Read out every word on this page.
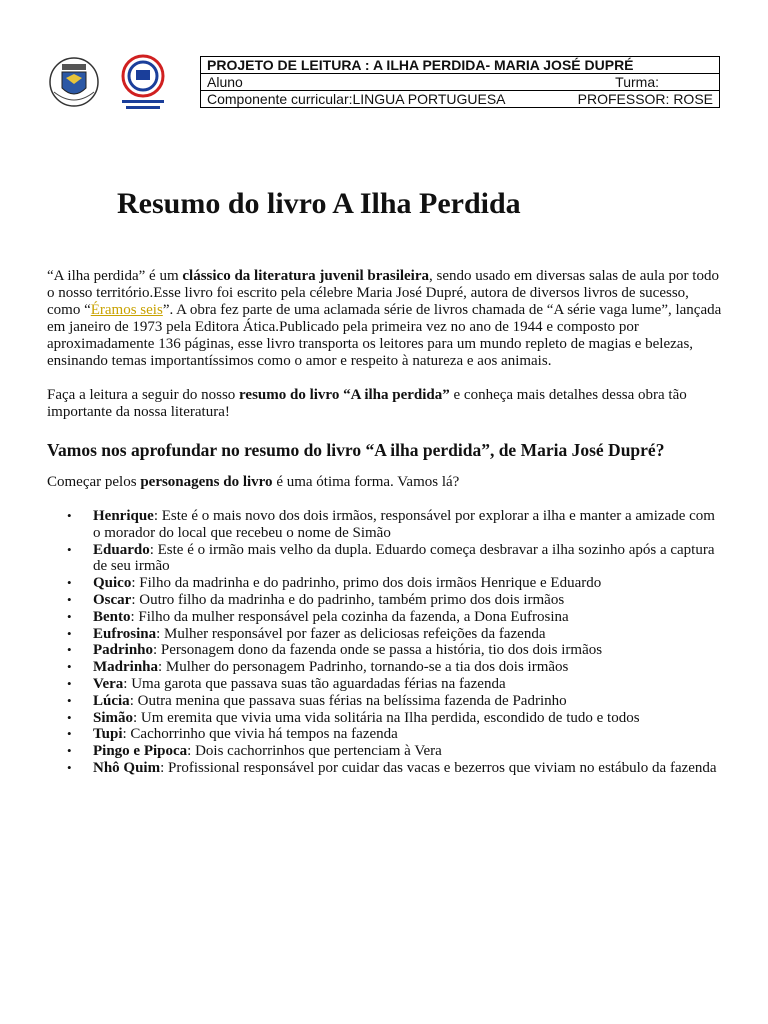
PROJETO DE LEITURA : A ILHA PERDIDA- MARIA JOSÉ DUPRÉ

Aluno	Turma:

Componente curricular:LINGUA PORTUGUESA	PROFESSOR: ROSE
Resumo do livro A Ilha Perdida

“A ilha perdida” é um clássico da literatura juvenil brasileira, sendo usado em diversas salas de aula por todo o nosso território.Esse livro foi escrito pela célebre Maria José Dupré, autora de diversos livros de sucesso, como “Éramos seis”. A obra fez parte de uma aclamada série de livros chamada de “A série vaga lume”, lançada em janeiro de 1973 pela Editora Ática.Publicado pela primeira vez no ano de 1944 e composto por aproximadamente 136 páginas, esse livro transporta os leitores para um mundo repleto de magias e belezas, ensinando temas importantíssimos como o amor e respeito à natureza e aos animais.

Faça a leitura a seguir do nosso resumo do livro “A ilha perdida” e conheça mais detalhes dessa obra tão importante da nossa literatura!

Vamos nos aprofundar no resumo do livro “A ilha perdida”, de Maria José Dupré?

Começar pelos personagens do livro é uma ótima forma. Vamos lá?

• Henrique: Este é o mais novo dos dois irmãos, responsável por explorar a ilha e manter a amizade com o morador do local que recebeu o nome de Simão
• Eduardo: Este é o irmão mais velho da dupla. Eduardo começa desbravar a ilha sozinho após a captura de seu irmão
• Quico: Filho da madrinha e do padrinho, primo dos dois irmãos Henrique e Eduardo
• Oscar: Outro filho da madrinha e do padrinho, também primo dos dois irmãos
• Bento: Filho da mulher responsável pela cozinha da fazenda, a Dona Eufrosina
• Eufrosina: Mulher responsável por fazer as deliciosas refeições da fazenda
• Padrinho: Personagem dono da fazenda onde se passa a história, tio dos dois irmãos
• Madrinha: Mulher do personagem Padrinho, tornando-se a tia dos dois irmãos
• Vera: Uma garota que passava suas tão aguardadas férias na fazenda
• Lúcia: Outra menina que passava suas férias na belíssima fazenda de Padrinho
• Simão: Um eremita que vivia uma vida solitária na Ilha perdida, escondido de tudo e todos
• Tupi: Cachorrinho que vivia há tempos na fazenda
• Pingo e Pipoca: Dois cachorrinhos que pertenciam à Vera
• Nhô Quim: Profissional responsável por cuidar das vacas e bezerros que viviam no estábulo da fazenda
